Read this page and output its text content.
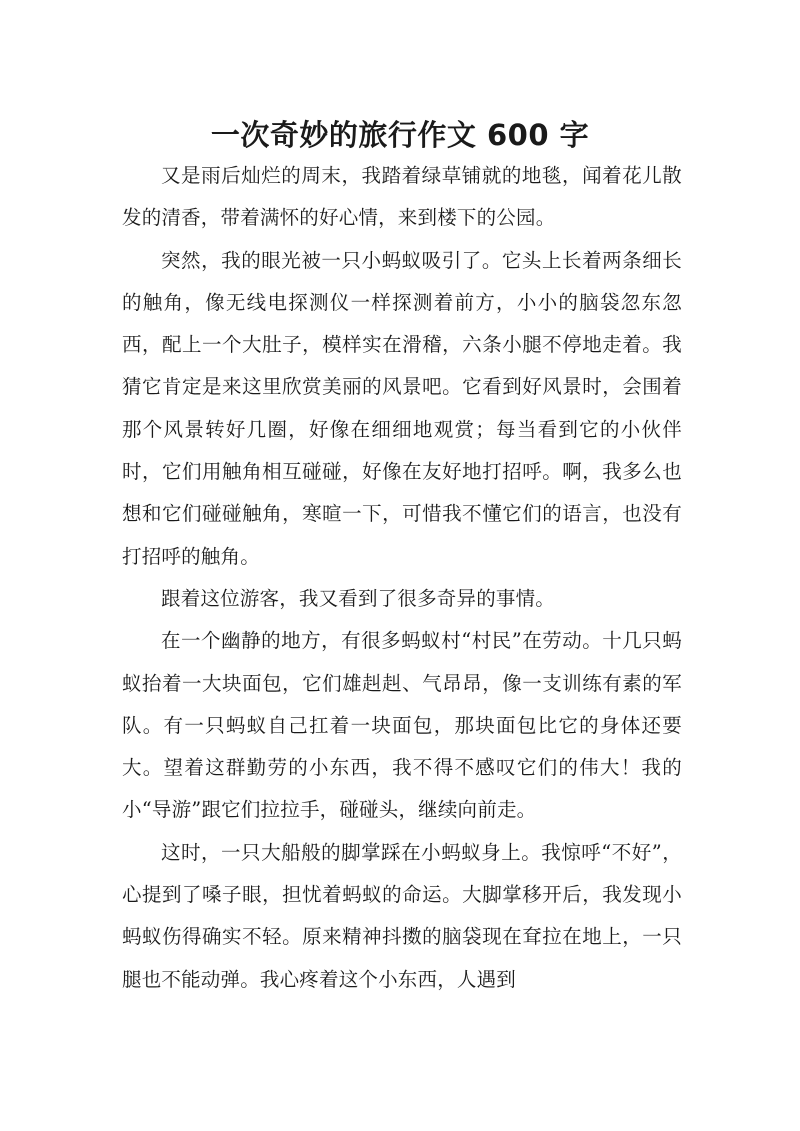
一次奇妙的旅行作文 600 字

又是雨后灿烂的周末，我踏着绿草铺就的地毯，闻着花儿散发的清香，带着满怀的好心情，来到楼下的公园。

突然，我的眼光被一只小蚂蚁吸引了。它头上长着两条细长的触角，像无线电探测仪一样探测着前方，小小的脑袋忽东忽西，配上一个大肚子，模样实在滑稽，六条小腿不停地走着。我猜它肯定是来这里欣赏美丽的风景吧。它看到好风景时，会围着那个风景转好几圈，好像在细细地观赏；每当看到它的小伙伴时，它们用触角相互碰碰，好像在友好地打招呼。啊，我多么也想和它们碰碰触角，寒暄一下，可惜我不懂它们的语言，也没有打招呼的触角。

跟着这位游客，我又看到了很多奇异的事情。

在一个幽静的地方，有很多蚂蚁村“村民”在劳动。十几只蚂蚁抬着一大块面包，它们雄赳赳、气昂昂，像一支训练有素的军队。有一只蚂蚁自己扛着一块面包，那块面包比它的身体还要大。望着这群勤劳的小东西，我不得不感叹它们的伟大！我的小“导游”跟它们拉拉手，碰碰头，继续向前走。

这时，一只大船般的脚掌踩在小蚂蚁身上。我惊呼“不好”，心提到了嗓子眼，担忧着蚂蚁的命运。大脚掌移开后，我发现小蚂蚁伤得确实不轻。原来精神抖擞的脑袋现在耷拉在地上，一只腿也不能动弹。我心疼着这个小东西，人遇到
